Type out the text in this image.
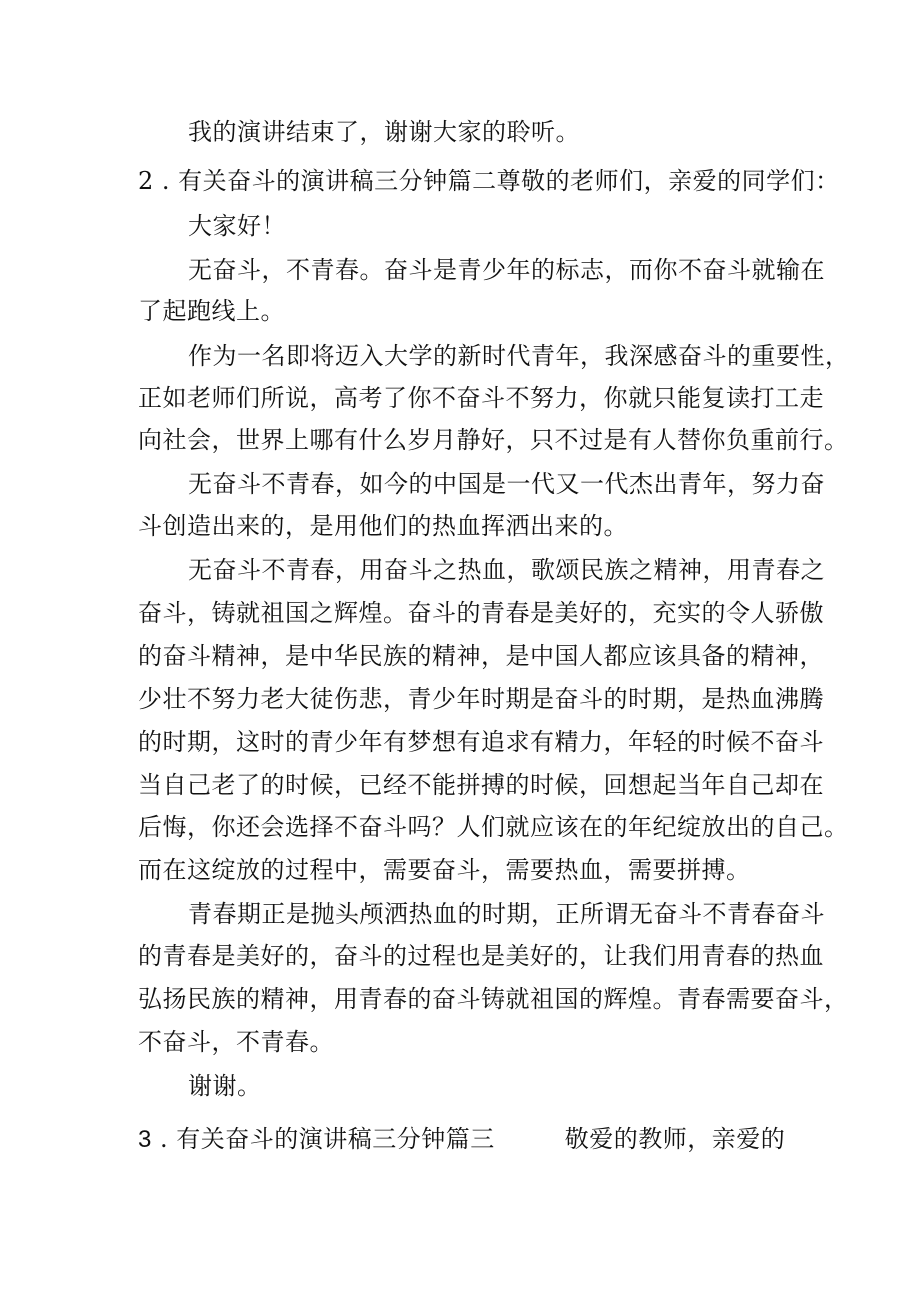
我的演讲结束了，谢谢大家的聆听。
2 . 有关奋斗的演讲稿三分钟篇二尊敬的老师们，亲爱的同学们：
大家好！
无奋斗，不青春。奋斗是青少年的标志，而你不奋斗就输在
了起跑线上。
作为一名即将迈入大学的新时代青年，我深感奋斗的重要性，
正如老师们所说，高考了你不奋斗不努力，你就只能复读打工走
向社会，世界上哪有什么岁月静好，只不过是有人替你负重前行。
无奋斗不青春，如今的中国是一代又一代杰出青年，努力奋
斗创造出来的，是用他们的热血挥洒出来的。
无奋斗不青春，用奋斗之热血，歌颂民族之精神，用青春之
奋斗，铸就祖国之辉煌。奋斗的青春是美好的，充实的令人骄傲
的奋斗精神，是中华民族的精神，是中国人都应该具备的精神，
少壮不努力老大徒伤悲，青少年时期是奋斗的时期，是热血沸腾
的时期，这时的青少年有梦想有追求有精力，年轻的时候不奋斗
当自己老了的时候，已经不能拼搏的时候，回想起当年自己却在
后悔，你还会选择不奋斗吗？人们就应该在的年纪绽放出的自己。
而在这绽放的过程中，需要奋斗，需要热血，需要拼搏。
青春期正是抛头颅洒热血的时期，正所谓无奋斗不青春奋斗
的青春是美好的，奋斗的过程也是美好的，让我们用青春的热血
弘扬民族的精神，用青春的奋斗铸就祖国的辉煌。青春需要奋斗，
不奋斗，不青春。
谢谢。
3 . 有关奋斗的演讲稿三分钟篇三	敬爱的教师，亲爱的
